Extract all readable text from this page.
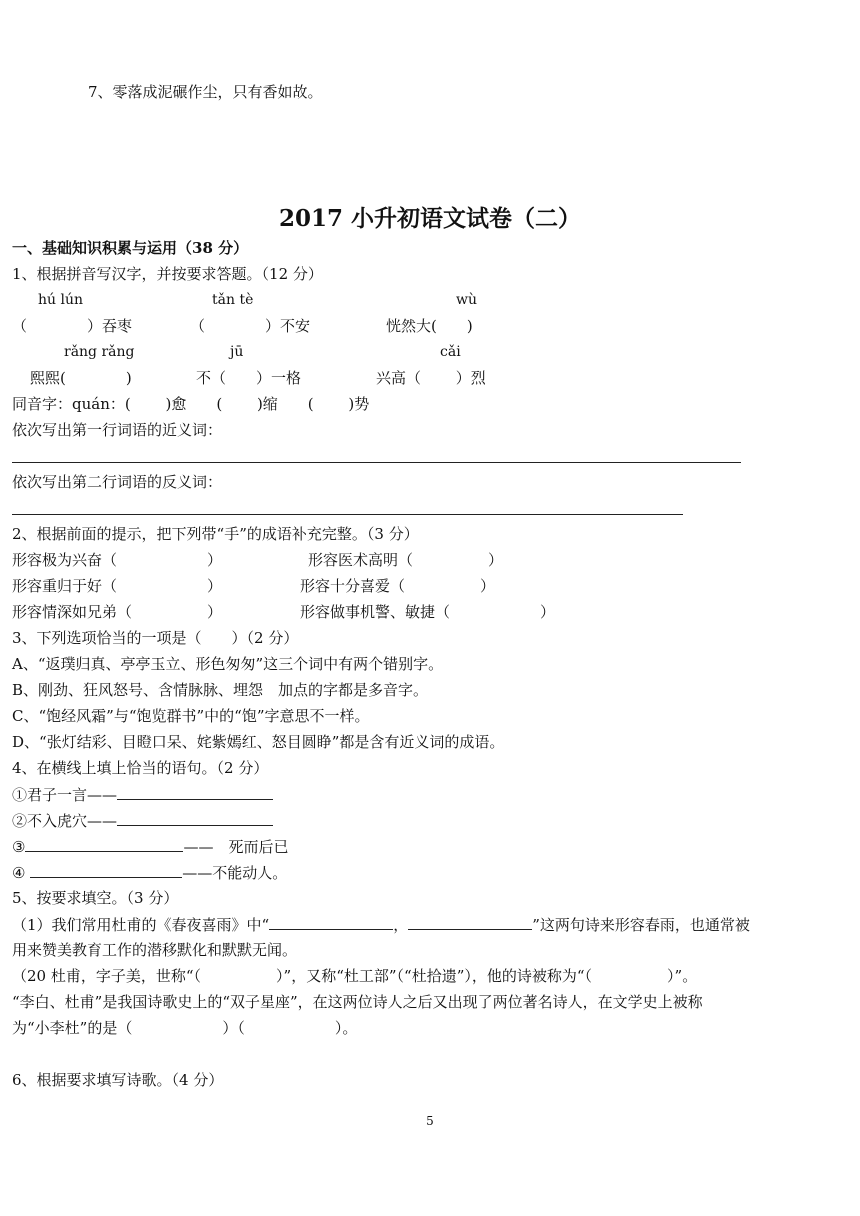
7、零落成泥碾作尘，只有香如故。
2017 小升初语文试卷（二）
一、基础知识积累与运用（38 分）
1、根据拼音写汉字，并按要求答题。（12 分）
hú lún	tǎn tè	wù
（　　　　）吞枣	（　　　　）不安	恍然大(　　)
rǎng rǎng	jū	cǎi
熙熙(　　　　)	不（　　）一格	兴高（　　 ）烈
同音字：quán：(　　 )愈　　(　　 )缩　　(　　 )势
依次写出第一行词语的近义词：
依次写出第二行词语的反义词：
2、根据前面的提示，把下列带“手”的成语补充完整。（3 分）
形容极为兴奋（　　　　　　）	形容医术高明（　　　　　）
形容重归于好（　　　　　　）	形容十分喜爱（　　　　　）
形容情深如兄弟（　　　　　）	形容做事机警、敏捷（　　　　　　）
3、下列选项恰当的一项是（　　）（2 分）
A、“返璞归真、亭亭玉立、形色匆匆”这三个词中有两个错别字。
B、刚劲、狂风怒号、含情脉脉、埋怨　加点的字都是多音字。
C、“饱经风霜”与“饱览群书”中的“饱”字意思不一样。
D、“张灯结彩、目瞪口呆、姹紫嫣红、怒目圆睁”都是含有近义词的成语。
4、在横线上填上恰当的语句。（2 分）
①君子一言——
②不入虎穴——
③	——　死而后已
④	——不能动人。
5、按要求填空。（3 分）
（1）我们常用杜甫的《春夜喜雨》中“	，	”这两句诗来形容春雨，也通常被
用来赞美教育工作的潜移默化和默默无闻。
（20 杜甫，字子美，世称“（　　　　　）”，又称“杜工部”（“杜拾遗”），他的诗被称为“（　　　　　）”。
“李白、杜甫”是我国诗歌史上的“双子星座”，在这两位诗人之后又出现了两位著名诗人，在文学史上被称
为“小李杜”的是（　　　　　　）（　　　　　　）。
6、根据要求填写诗歌。（4 分）
5
